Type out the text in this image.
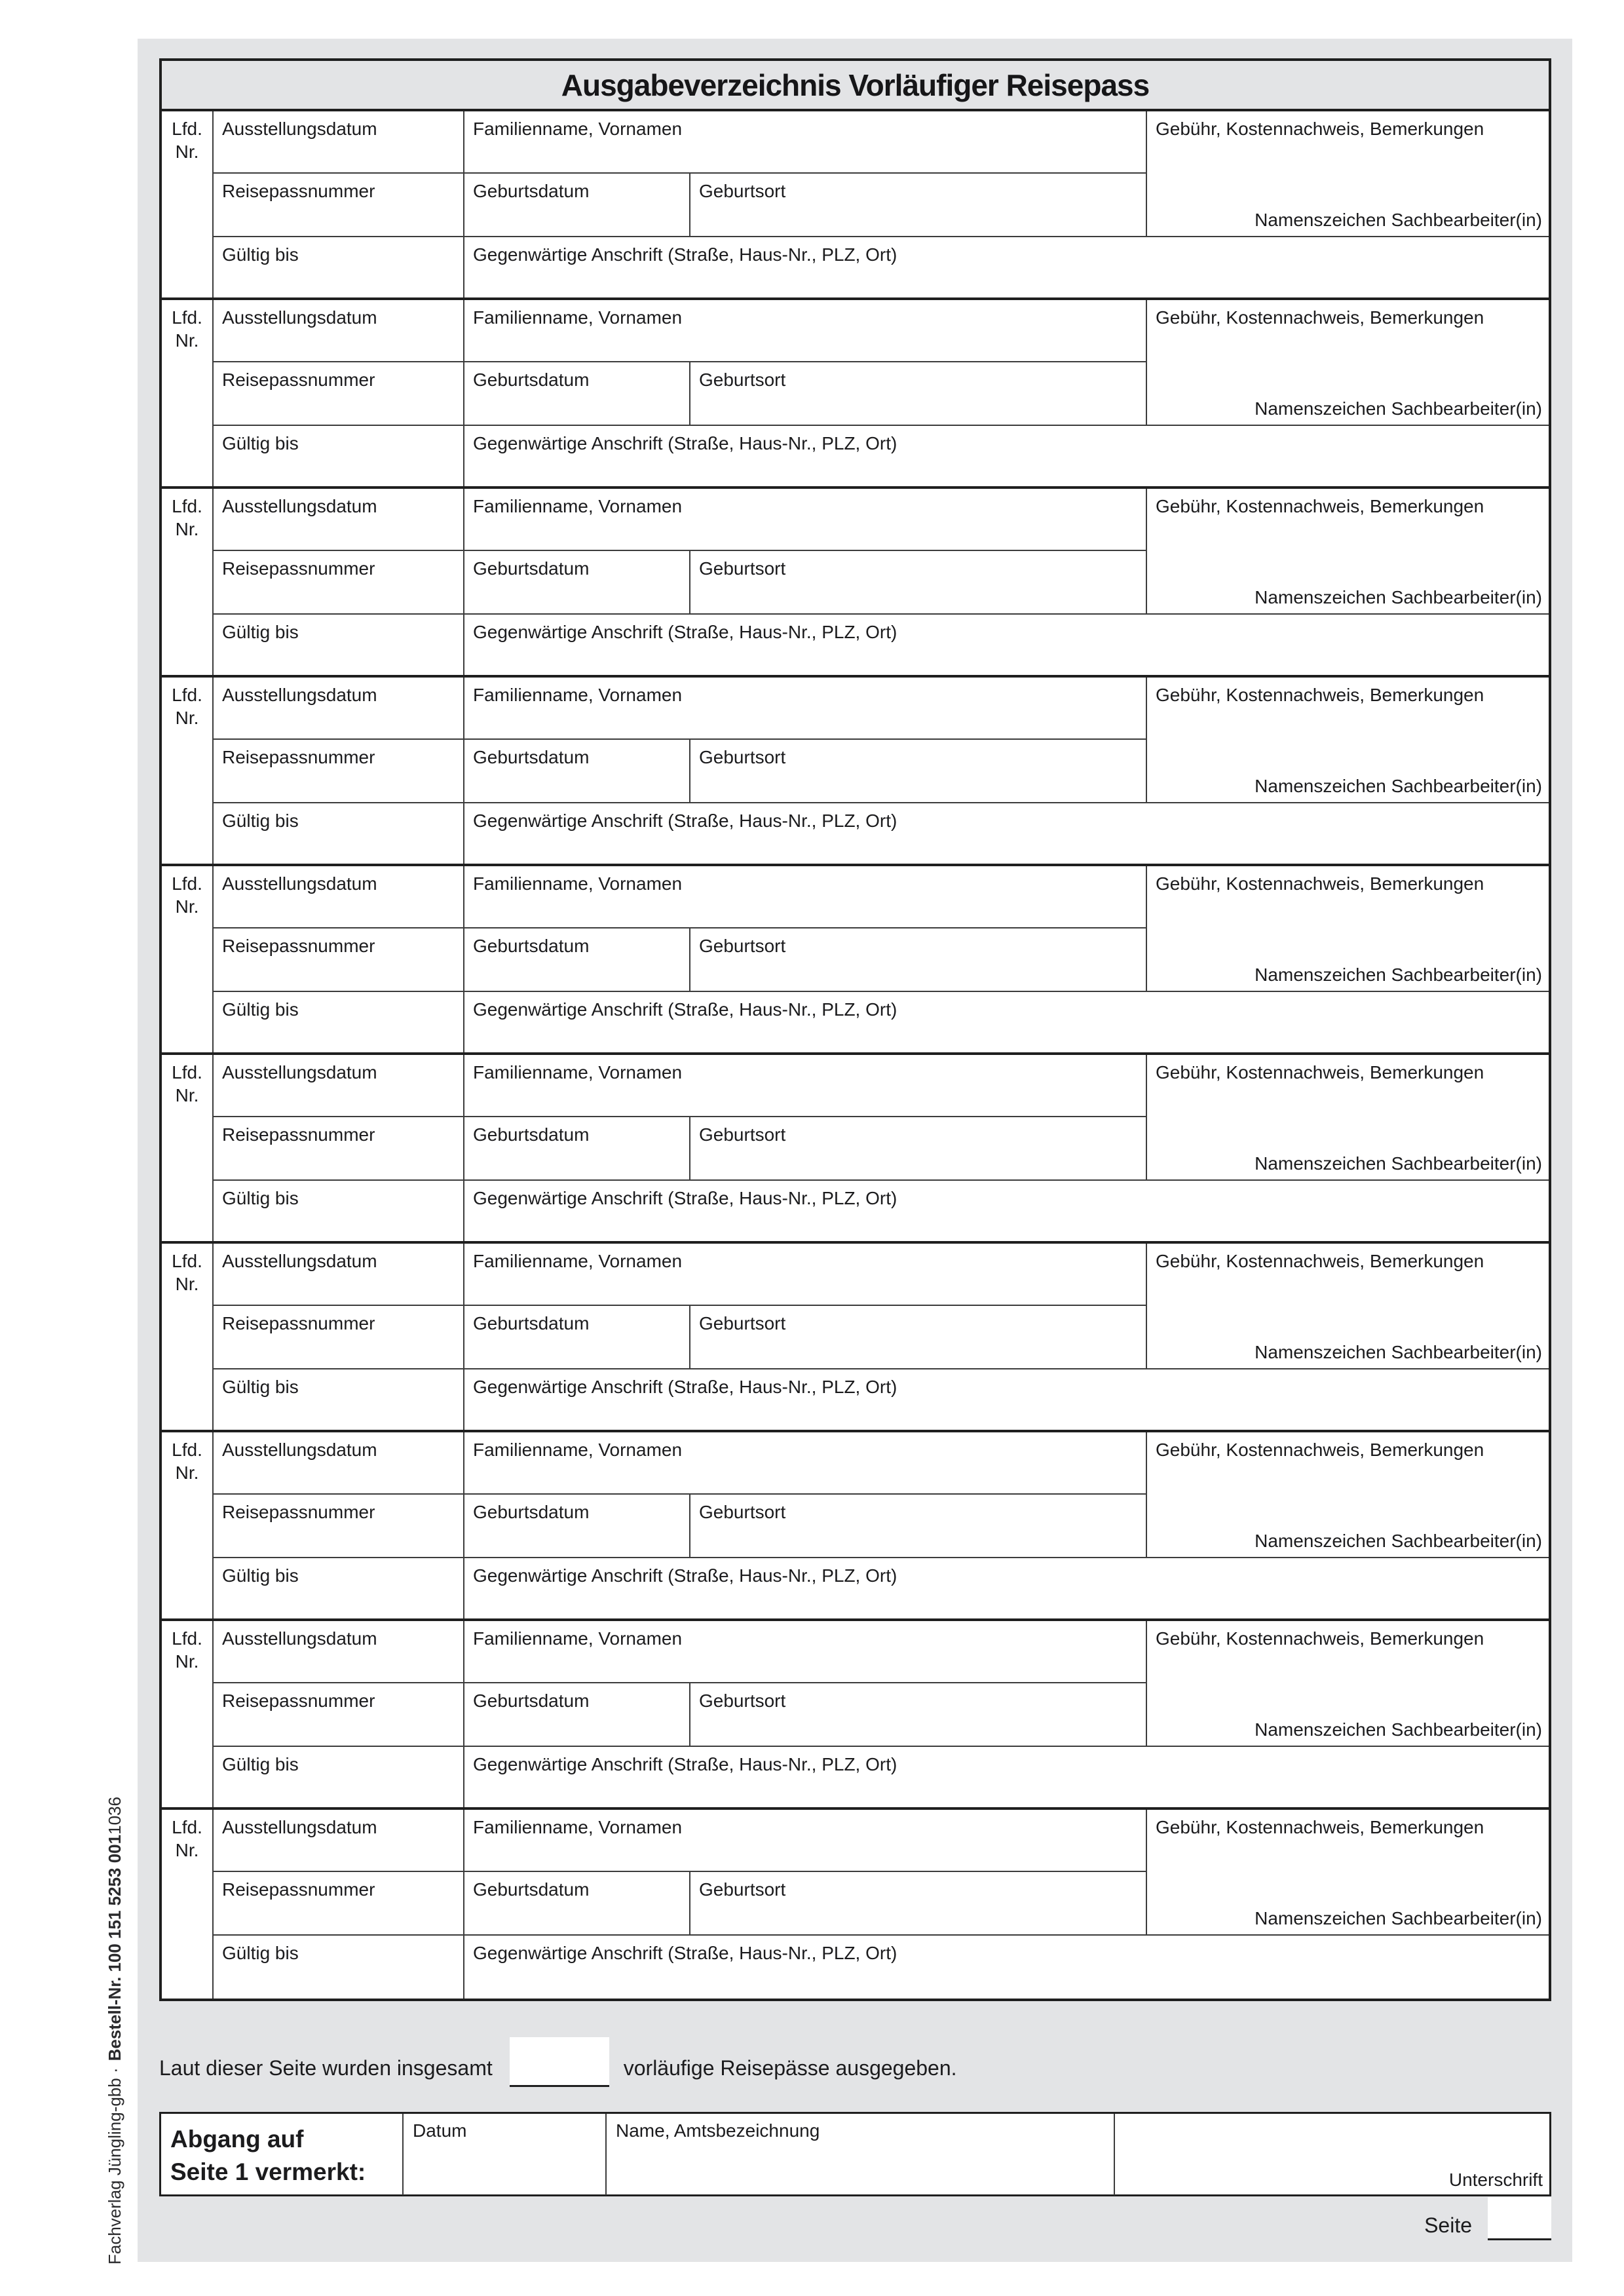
Ausgabeverzeichnis Vorläufiger Reisepass
Lfd.
Nr.
Ausstellungsdatum	Familienname, Vornamen	Gebühr, Kostennachweis, Bemerkungen
Namenszeichen Sachbearbeiter(in)
Reisepassnummer	Geburtsdatum	Geburtsort
Gültig bis	Gegenwärtige Anschrift (Straße, Haus-Nr., PLZ, Ort)
Lfd.
Nr.
Ausstellungsdatum	Familienname, Vornamen	Gebühr, Kostennachweis, Bemerkungen
Namenszeichen Sachbearbeiter(in)
Reisepassnummer	Geburtsdatum	Geburtsort
Gültig bis	Gegenwärtige Anschrift (Straße, Haus-Nr., PLZ, Ort)
Lfd.
Nr.
Ausstellungsdatum	Familienname, Vornamen	Gebühr, Kostennachweis, Bemerkungen
Namenszeichen Sachbearbeiter(in)
Reisepassnummer	Geburtsdatum	Geburtsort
Gültig bis	Gegenwärtige Anschrift (Straße, Haus-Nr., PLZ, Ort)
Lfd.
Nr.
Ausstellungsdatum	Familienname, Vornamen	Gebühr, Kostennachweis, Bemerkungen
Namenszeichen Sachbearbeiter(in)
Reisepassnummer	Geburtsdatum	Geburtsort
Gültig bis	Gegenwärtige Anschrift (Straße, Haus-Nr., PLZ, Ort)
Lfd.
Nr.
Ausstellungsdatum	Familienname, Vornamen	Gebühr, Kostennachweis, Bemerkungen
Namenszeichen Sachbearbeiter(in)
Reisepassnummer	Geburtsdatum	Geburtsort
Gültig bis	Gegenwärtige Anschrift (Straße, Haus-Nr., PLZ, Ort)
Lfd.
Nr.
Ausstellungsdatum	Familienname, Vornamen	Gebühr, Kostennachweis, Bemerkungen
Namenszeichen Sachbearbeiter(in)
Reisepassnummer	Geburtsdatum	Geburtsort
Gültig bis	Gegenwärtige Anschrift (Straße, Haus-Nr., PLZ, Ort)
Lfd.
Nr.
Ausstellungsdatum	Familienname, Vornamen	Gebühr, Kostennachweis, Bemerkungen
Namenszeichen Sachbearbeiter(in)
Reisepassnummer	Geburtsdatum	Geburtsort
Gültig bis	Gegenwärtige Anschrift (Straße, Haus-Nr., PLZ, Ort)
Lfd.
Nr.
Ausstellungsdatum	Familienname, Vornamen	Gebühr, Kostennachweis, Bemerkungen
Namenszeichen Sachbearbeiter(in)
Reisepassnummer	Geburtsdatum	Geburtsort
Gültig bis	Gegenwärtige Anschrift (Straße, Haus-Nr., PLZ, Ort)
Lfd.
Nr.
Ausstellungsdatum	Familienname, Vornamen	Gebühr, Kostennachweis, Bemerkungen
Namenszeichen Sachbearbeiter(in)
Reisepassnummer	Geburtsdatum	Geburtsort
Gültig bis	Gegenwärtige Anschrift (Straße, Haus-Nr., PLZ, Ort)
Lfd.
Nr.
Ausstellungsdatum	Familienname, Vornamen	Gebühr, Kostennachweis, Bemerkungen
Namenszeichen Sachbearbeiter(in)
Reisepassnummer	Geburtsdatum	Geburtsort
Gültig bis	Gegenwärtige Anschrift (Straße, Haus-Nr., PLZ, Ort)
Laut dieser Seite wurden insgesamt	vorläufige Reisepässe ausgegeben.
Abgang auf
Seite 1 vermerkt:
Datum	Name, Amtsbezeichnung
Unterschrift
Seite
Fachverlag Jüngling-gbb ·
Bestell-Nr. 100 151 5253 001
1036
